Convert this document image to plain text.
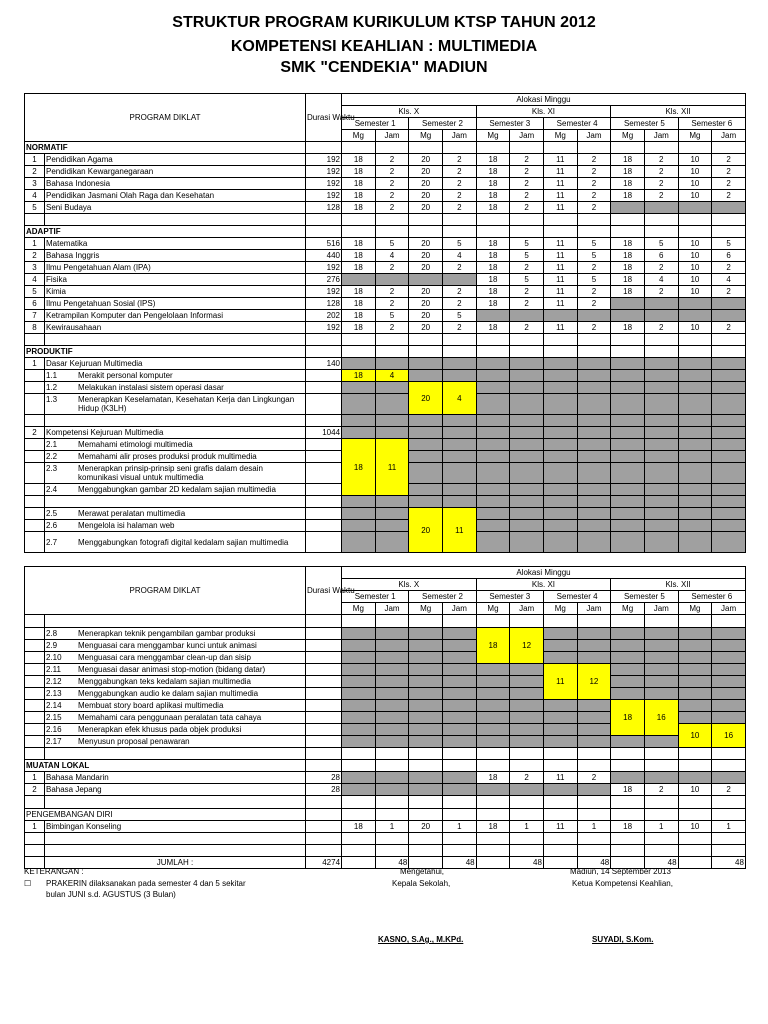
STRUKTUR PROGRAM KURIKULUM KTSP TAHUN 2012
KOMPETENSI KEAHLIAN : MULTIMEDIA
SMK "CENDEKIA" MADIUN
PROGRAM DIKLAT		Durasi Waktu	Alokasi Minggu											
			Kls. X				Kls. XI				Kls. XII			
			Semester 1		Semester 2		Semester 3		Semester 4		Semester 5		Semester 6	
			Mg	Jam	Mg	Jam	Mg	Jam	Mg	Jam	Mg	Jam	Mg	Jam
NORMATIF														
1	Pendidikan Agama	192	18	2	20	2	18	2	11	2	18	2	10	2
2	Pendidikan Kewarganegaraan	192	18	2	20	2	18	2	11	2	18	2	10	2
3	Bahasa Indonesia	192	18	2	20	2	18	2	11	2	18	2	10	2
4	Pendidikan Jasmani Olah Raga dan Kesehatan	192	18	2	20	2	18	2	11	2	18	2	10	2
5	Seni Budaya	128	18	2	20	2	18	2	11	2				

ADAPTIF														
1	Matematika	516	18	5	20	5	18	5	11	5	18	5	10	5
2	Bahasa Inggris	440	18	4	20	4	18	5	11	5	18	6	10	6
3	Ilmu Pengetahuan Alam (IPA)	192	18	2	20	2	18	2	11	2	18	2	10	2
4	Fisika	276					18	5	11	5	18	4	10	4
5	Kimia	192	18	2	20	2	18	2	11	2	18	2	10	2
6	Ilmu Pengetahuan Sosial (IPS)	128	18	2	20	2	18	2	11	2				
7	Ketrampilan Komputer dan Pengelolaan Informasi	202	18	5	20	5								
8	Kewirausahaan	192	18	2	20	2	18	2	11	2	18	2	10	2

PRODUKTIF														
1	Dasar Kejuruan Multimedia	140												
	1.1 Merakit personal komputer		18	4										
	1.2 Melakukan instalasi sistem operasi dasar				20	4								
	1.3 Menerapkan Keselamatan, Kesehatan Kerja dan Lingkungan Hidup (K3LH)													

2	Kompetensi Kejuruan Multimedia	1044												
	2.1 Memahami etimologi multimedia		18	11										
	2.2 Memahami alir proses produksi produk multimedia													
	2.3 Menerapkan prinsip-prinsip seni grafis dalam desain komunikasi visual untuk multimedia													
	2.4 Menggabungkan gambar 2D kedalam sajian multimedia													

	2.5 Merawat peralatan multimedia				20	11								
	2.6 Mengelola isi halaman web													
	2.7 Menggabungkan fotografi digital kedalam sajian multimedia													
PROGRAM DIKLAT		Durasi Waktu	Alokasi Minggu											
			Kls. X				Kls. XI				Kls. XII			
			Semester 1		Semester 2		Semester 3		Semester 4		Semester 5		Semester 6	
			Mg	Jam	Mg	Jam	Mg	Jam	Mg	Jam	Mg	Jam	Mg	Jam

	2.8 Menerapkan teknik pengambilan gambar produksi						18	12						
	2.9 Menguasai cara menggambar kunci untuk animasi													
	2.10 Menguasai cara menggambar clean-up dan sisip													
	2.11 Menguasai dasar animasi stop-motion (bidang datar)								11	12				
	2.12 Menggabungkan teks kedalam sajian multimedia													
	2.13 Menggabungkan audio ke dalam sajian multimedia													
	2.14 Membuat story board aplikasi multimedia										18	16		
	2.15 Memahami cara penggunaan peralatan tata cahaya													
	2.16 Menerapkan efek khusus pada objek produksi												10	16
	2.17 Menyusun proposal penawaran													

MUATAN LOKAL														
1	Bahasa Mandarin	28					18	2	11	2				
2	Bahasa Jepang	28									18	2	10	2

PENGEMBANGAN DIRI														
1	Bimbingan Konseling		18	1	20	1	18	1	11	1	18	1	10	1

	JUMLAH :	4274		48		48		48		48		48		48
KETERANGAN :
☐ PRAKERIN dilaksanakan pada semester 4 dan 5 sekitar
bulan JUNI s.d. AGUSTUS (3 Bulan)
Mengetahui,
Kepala Sekolah,
Madiun, 14 September 2013
Ketua Kompetensi Keahlian,
KASNO, S.Ag., M.KPd.	SUYADI, S.Kom.
